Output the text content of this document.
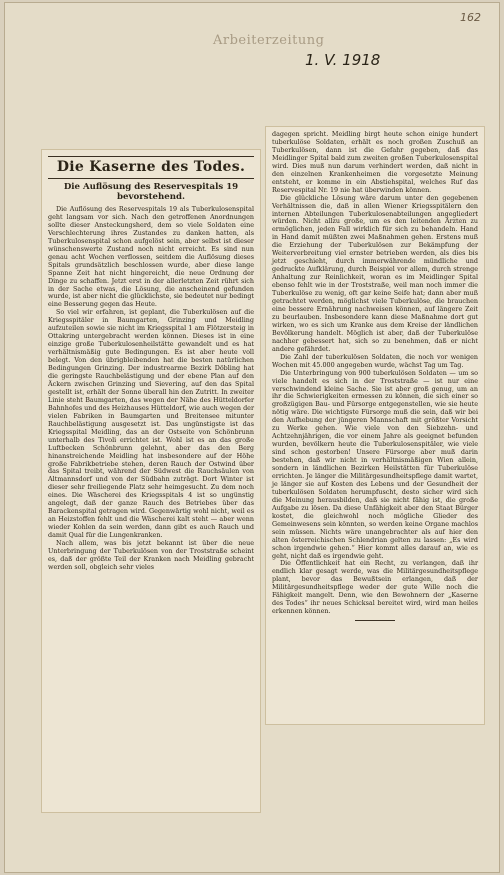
162
Arbeiterzeitung
1. V. 1918
Die Kaserne des Todes.
Die Auflösung des Reservespitals 19 bevorstehend.

Die Auflösung des Reservespitals 19 als Tuberkulosenspital geht langsam vor sich. Nach den getroffenen Anordnungen sollte dieser Ansteckungsherd, dem so viele Soldaten eine Verschlechterung ihres Zustandes zu danken hatten, als Tuberkulosenspital schon aufgelöst sein, aber selbst ist dieser wünschenswerte Zustand noch nicht erreicht. Es sind nun genau acht Wochen verflossen, seitdem die Auflösung dieses Spitals grundsätzlich beschlossen wurde, aber diese lange Spanne Zeit hat nicht hingereicht, die neue Ordnung der Dinge zu schaffen. Jetzt erst in der allerletzten Zeit rührt sich in der Sache etwas, die Lösung, die anscheinend gefunden wurde, ist aber nicht die glücklichste, sie bedeutet nur bedingt eine Besserung gegen das Heute.

So viel wir erfahren, ist geplant, die Tuberkulösen auf die Kriegsspitäler in Baumgarten, Grinzing und Meidling aufzuteilen sowie sie nicht im Kriegsspital 1 am Flötzersteig in Ottakring untergebracht werden können. Dieses ist in eine einzige große Tuberkulosenheilstätte gewandelt und es hat verhältnismäßig gute Bedingungen. Es ist aber heute voll belegt. Von den übrigbleibenden hat die besten natürlichen Bedingungen Grinzing. Der industrearme Bezirk Döbling hat die geringste Rauchbelästigung und der ebene Plan auf den Äckern zwischen Grinzing und Sievering, auf den das Spital gestellt ist, erhält der Sonne überall hin den Zutritt. In zweiter Linie steht Baumgarten, das wegen der Nähe des Hütteldorfer Bahnhofes und des Heizhauses Hütteldorf, wie auch wegen der vielen Fabriken in Baumgarten und Breitensee mitunter Rauchbelästigung ausgesetzt ist. Das ungünstigste ist das Kriegsspital Meidling, das an der Ostseite von Schönbrunn unterhalb des Tivoli errichtet ist. Wohl ist es an das große Luftbecken Schönbrunn gelehnt, aber das den Berg hinanstreichende Meidling hat insbesondere auf der Höhe große Fabrikbetriebe stehen, deren Rauch der Ostwind über das Spital treibt, während der Südwest die Rauchsäulen von Altmannsdorf und von der Südbahn zuträgt. Dort Winter ist dieser sehr freiliegende Platz sehr heimgesucht. Zu dem noch eines. Die Wäscherei des Kriegsspitals 4 ist so ungünstig angelegt, daß der ganze Rauch des Betriebes über das Barackenspital getragen wird. Gegenwärtig wohl nicht, weil es an Heizstoffen fehlt und die Wäscherei kalt steht — aber wenn wieder Kohlen da sein werden, dann gibt es auch Rauch und damit Qual für die Lungenkranken.

Nach allem, was bis jetzt bekannt ist über die neue Unterbringung der Tuberkulösen von der Troststraße scheint es, daß der größte Teil der Kranken nach Meidling gebracht werden soll, obgleich sehr vieles

dagegen spricht. Meidling birgt heute schon einige hundert tuberkulöse Soldaten, erhält es noch großen Zuschuß an Tuberkulösen, dann ist die Gefahr gegeben, daß das Meidlinger Spital bald zum zweiten großen Tuberkulosenspital wird. Dies muß nun darum verhindert werden, daß nicht in den einzelnen Krankenheimen die vorgesetzte Meinung entsteht, er komme in ein Abstiehspital, welches Ruf das Reservespital Nr. 19 nie hat überwinden können.

Die glückliche Lösung wäre darum unter den gegebenen Verhältnissen die, daß in allen Wiener Kriegsspitälern den internen Abteilungen Tuberkulosenabteilungen angegliedert würden. Nicht allzu große, um es den leitenden Ärzten zu ermöglichen, jeden Fall wirklich für sich zu behandeln. Hand in Hand damit müßten zwei Maßnahmen gehen. Erstens muß die Erziehung der Tuberkulösen zur Bekämpfung der Weiterverbreitung viel ernster betrieben werden, als dies bis jetzt geschieht, durch immerwährende mündliche und gedruckte Aufklärung, durch Beispiel vor allem, durch strenge Anhaltung zur Reinlichkeit, woran es im Meidlinger Spital ebenso fehlt wie in der Troststraße, weil man noch immer die Tuberkulöse zu wenig, oft gar keine Seife hat; dann aber muß getrachtet werden, möglichst viele Tuberkulöse, die brauchen eine bessere Ernährung nachweisen können, auf längere Zeit zu beurlauben. Insbesondere kann diese Maßnahme dort gut wirken, wo es sich um Kranke aus dem Kreise der ländlichen Bevölkerung handelt. Möglich ist aber, daß der Tuberkulöse nachher gebessert hat, sich so zu benehmen, daß er nicht andere gefährdet.

Die Zahl der tuberkulösen Soldaten, die noch vor wenigen Wochen mit 45.000 angegeben wurde, wächst Tag um Tag.

Die Unterbringung von 900 tuberkulösen Soldaten — um so viele handelt es sich in der Troststraße — ist nur eine verschwindend kleine Sache. Sie ist aber groß genug, um an ihr die Schwierigkeiten ermessen zu können, die sich einer so großzügigen Bau- und Fürsorge entgegenstellen, wie sie heute nötig wäre. Die wichtigste Fürsorge muß die sein, daß wir bei den Aufhebung der jüngeren Mannschaft mit größter Vorsicht zu Werke gehen. Wie viele von den Siebzehn- und Achtzehnjährigen, die vor einem Jahre als geeignet befunden wurden, bevölkern heute die Tuberkulosenspitäler, wie viele sind schon gestorben! Unsere Fürsorge aber muß darin bestehen, daß wir nicht in verhältnismäßigen Wien allein, sondern in ländlichen Bezirken Heilstätten für Tuberkulöse errichten. Je länger die Militärgesundheitspflege damit wartet, je länger sie auf Kosten des Lebens und der Gesundheit der tuberkulösen Soldaten herumpfuscht, desto sicher wird sich die Meinung herausbilden, daß sie nicht fähig ist, die große Aufgabe zu lösen. Da diese Unfähigkeit aber den Staat Bürger kostet, die gleichwohl noch mögliche Glieder des Gemeinwesens sein könnten, so werden keine Organe machlos sein müssen. Nichts wäre unangebrachter als auf hier den alten österreichischen Schlendrian gelten zu lassen: „Es wird schon irgendwie gehen.“ Hier kommt alles darauf an, wie es geht, nicht daß es irgendwie geht.

Die Öffentlichkeit hat ein Recht, zu verlangen, daß ihr endlich klar gesagt werde, was die Militärgesundheitspflege plant, bevor das Bewußtsein erlangen, daß der Militärgesundheitspflege weder der gute Wille noch die Fähigkeit mangelt. Denn, wie den Bewohnern der „Kaserne des Todes“ ihr neues Schicksal bereitet wird, wird man heiles erkennen können.
